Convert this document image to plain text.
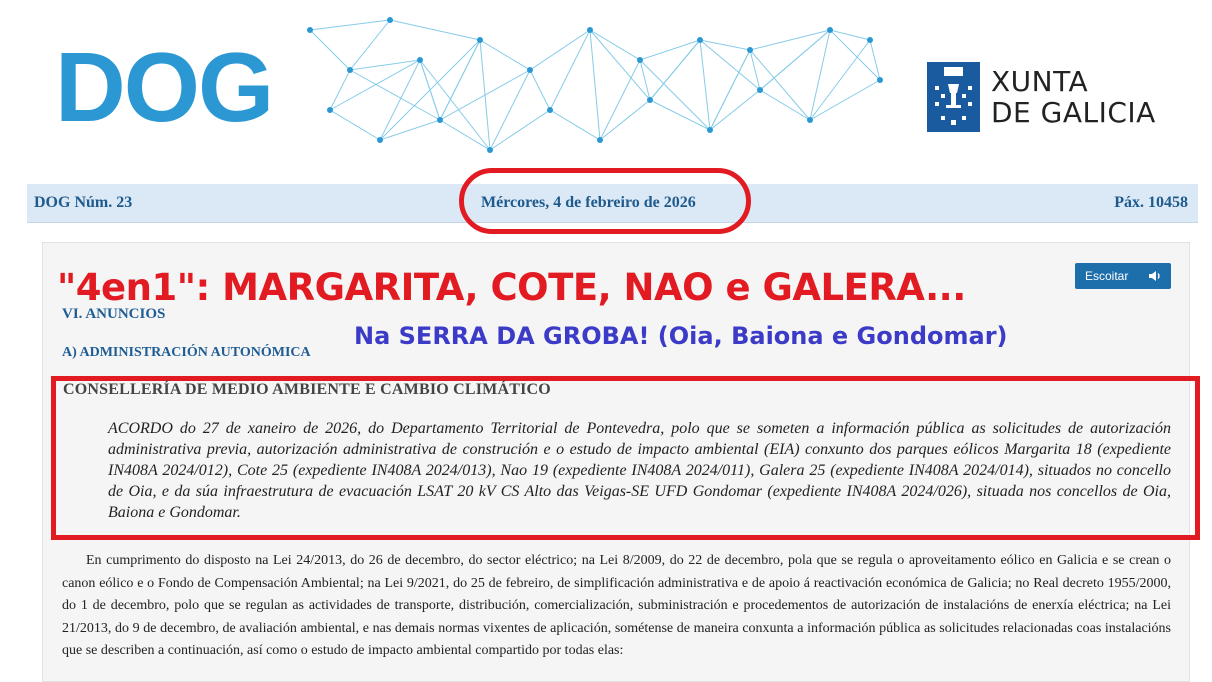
DOG	XUNTA
DE GALICIA
DOG Núm. 23	Mércores, 4 de febreiro de 2026	Páx. 10458
VI. ANUNCIOS
A) ADMINISTRACIÓN AUTONÓMICA
Escoitar
"4en1": MARGARITA, COTE, NAO e GALERA...
Na SERRA DA GROBA! (Oia, Baiona e Gondomar)
CONSELLERÍA DE MEDIO AMBIENTE E CAMBIO CLIMÁTICO
ACORDO do 27 de xaneiro de 2026, do Departamento Territorial de Pontevedra, polo que se someten a información pública as solicitudes de autorización administrativa previa, autorización administrativa de construción e o estudo de impacto ambiental (EIA) conxunto dos parques eólicos Margarita 18 (expediente IN408A 2024/012), Cote 25 (expediente IN408A 2024/013), Nao 19 (expediente IN408A 2024/011), Galera 25 (expediente IN408A 2024/014), situados no concello de Oia, e da súa infraestrutura de evacuación LSAT 20 kV CS Alto das Veigas-SE UFD Gondomar (expediente IN408A 2024/026), situada nos concellos de Oia, Baiona e Gondomar.
En cumprimento do disposto na Lei 24/2013, do 26 de decembro, do sector eléctrico; na Lei 8/2009, do 22 de decembro, pola que se regula o aproveitamento eólico en Galicia e se crean o canon eólico e o Fondo de Compensación Ambiental; na Lei 9/2021, do 25 de febreiro, de simplificación administrativa e de apoio á reactivación económica de Galicia; no Real decreto 1955/2000, do 1 de decembro, polo que se regulan as actividades de transporte, distribución, comercialización, subministración e procedementos de autorización de instalacións de enerxía eléctrica; na Lei 21/2013, do 9 de decembro, de avaliación ambiental, e nas demais normas vixentes de aplicación, sométense de maneira conxunta a información pública as solicitudes relacionadas coas instalacións que se describen a continuación, así como o estudo de impacto ambiental compartido por todas elas:
